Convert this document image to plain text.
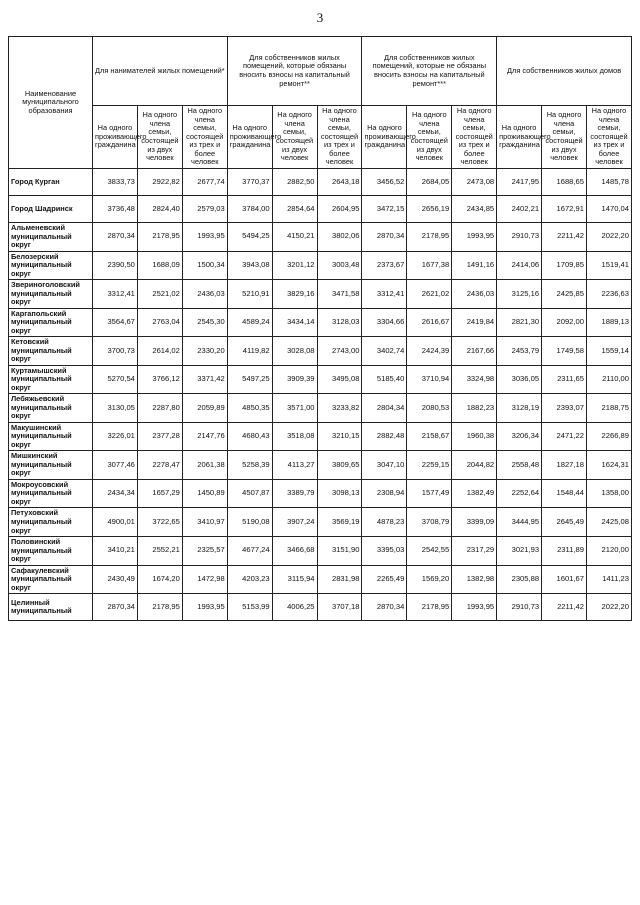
3
Наименование муниципального образования	Для нанимателей жилых помещений*			Для собственников жилых помещений, которые обязаны вносить взносы на капитальный ремонт**			Для собственников жилых помещений, которые не обязаны вносить взносы на капитальный ремонт***			Для собственников жилых домов		
	На одного проживающего гражданина	На одного члена семьи, состоящей из двух человек	На одного члена семьи, состоящей из трех и более человек	На одного проживающего гражданина	На одного члена семьи, состоящей из двух человек	На одного члена семьи, состоящей из трех и более человек	На одного проживающего гражданина	На одного члена семьи, состоящей из двух человек	На одного члена семьи, состоящей из трех и более человек	На одного проживающего гражданина	На одного члена семьи, состоящей из двух человек	На одного члена семьи, состоящей из трех и более человек
Город Курган	3833,73	2922,82	2677,74	3770,37	2882,50	2643,18	3456,52	2684,05	2473,08	2417,95	1688,65	1485,78
Город Шадринск	3736,48	2824,40	2579,03	3784,00	2854,64	2604,95	3472,15	2656,19	2434,85	2402,21	1672,91	1470,04
Альменевский муниципальный округ	2870,34	2178,95	1993,95	5494,25	4150,21	3802,06	2870,34	2178,95	1993,95	2910,73	2211,42	2022,20
Белозерский муниципальный округ	2390,50	1688,09	1500,34	3943,08	3201,12	3003,48	2373,67	1677,38	1491,16	2414,06	1709,85	1519,41
Звериноголовский муниципальный округ	3312,41	2521,02	2436,03	5210,91	3829,16	3471,58	3312,41	2621,02	2436,03	3125,16	2425,85	2236,63
Каргапольский муниципальный округ	3564,67	2763,04	2545,30	4589,24	3434,14	3128,03	3304,66	2616,67	2419,84	2821,30	2092,00	1889,13
Кетовский муниципальный округ	3700,73	2614,02	2330,20	4119,82	3028,08	2743,00	3402,74	2424,39	2167,66	2453,79	1749,58	1559,14
Куртамышский муниципальный округ	5270,54	3766,12	3371,42	5497,25	3909,39	3495,08	5185,40	3710,94	3324,98	3036,05	2311,65	2110,00
Лебяжьевский муниципальный округ	3130,05	2287,80	2059,89	4850,35	3571,00	3233,82	2804,34	2080,53	1882,23	3128,19	2393,07	2188,75
Макушинский муниципальный округ	3226,01	2377,28	2147,76	4680,43	3518,08	3210,15	2882,48	2158,67	1960,38	3206,34	2471,22	2266,89
Мишкинский муниципальный округ	3077,46	2278,47	2061,38	5258,39	4113,27	3809,65	3047,10	2259,15	2044,82	2558,48	1827,18	1624,31
Мокроусовский муниципальный округ	2434,34	1657,29	1450,89	4507,87	3389,79	3098,13	2308,94	1577,49	1382,49	2252,64	1548,44	1358,00
Петуховский муниципальный округ	4900,01	3722,65	3410,97	5190,08	3907,24	3569,19	4878,23	3708,79	3399,09	3444,95	2645,49	2425,08
Половинский муниципальный округ	3410,21	2552,21	2325,57	4677,24	3466,68	3151,90	3395,03	2542,55	2317,29	3021,93	2311,89	2120,00
Сафакулевский муниципальный округ	2430,49	1674,20	1472,98	4203,23	3115,94	2831,98	2265,49	1569,20	1382,98	2305,88	1601,67	1411,23
Целинный муниципальный	2870,34	2178,95	1993,95	5153,99	4006,25	3707,18	2870,34	2178,95	1993,95	2910,73	2211,42	2022,20
